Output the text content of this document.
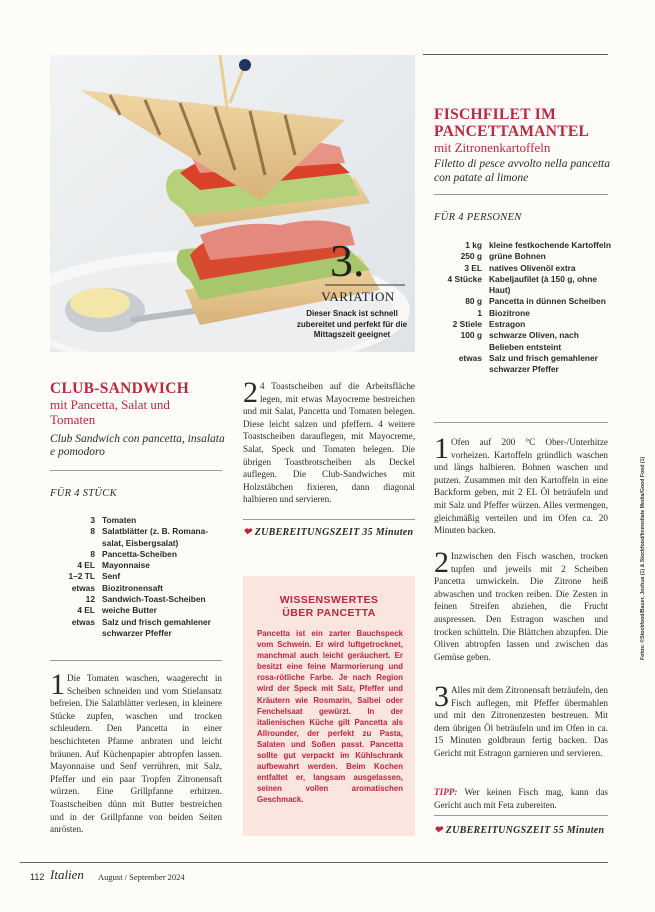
3.
VARIATION
Dieser Snack ist schnell zubereitet und perfekt für die Mittagszeit geeignet
FISCHFILET IM PANCETTAMANTEL
mit Zitronenkartoffeln
Filetto di pesce avvolto nella pancetta con patate al limone
FÜR 4 PERSONEN
1 kg kleine festkochende Kartoffeln
250 g grüne Bohnen
3 EL natives Olivenöl extra
4 Stücke Kabeljaufilet (à 150 g, ohne Haut)
80 g Pancetta in dünnen Scheiben
1 Biozitrone
2 Stiele Estragon
100 g schwarze Oliven, nach Belieben entsteint
etwas Salz und frisch gemahlener schwarzer Pfeffer
1 Ofen auf 200 °C Ober-/Unterhitze vorheizen. Kartoffeln gründlich waschen und längs halbieren. Bohnen waschen und putzen. Zusammen mit den Kartoffeln in eine Backform geben, mit 2 EL Öl beträufeln und mit Salz und Pfeffer würzen. Alles vermengen, gleichmäßig verteilen und im Ofen ca. 20 Minuten backen.
2 Inzwischen den Fisch waschen, trocken tupfen und jeweils mit 2 Scheiben Pancetta umwickeln. Die Zitrone heiß abwaschen und trocken reiben. Die Zesten in feinen Streifen abziehen, die Frucht auspressen. Den Estragon waschen und trocken schütteln. Die Blättchen abzupfen. Die Oliven abtropfen lassen und zwischen das Gemüse geben.
3 Alles mit dem Zitronensaft beträufeln, den Fisch auflegen, mit Pfeffer übermahlen und mit den Zitronenzesten bestreuen. Mit dem übrigen Öl beträufeln und im Ofen in ca. 15 Minuten goldbraun fertig backen. Das Gericht mit Estragon garnieren und servieren.
TIPP: Wer keinen Fisch mag, kann das Gericht auch mit Feta zubereiten.
❤ ZUBEREITUNGSZEIT 55 Minuten
CLUB-SANDWICH
mit Pancetta, Salat und Tomaten
Club Sandwich con pancetta, insalata e pomodoro
FÜR 4 STÜCK
3 Tomaten
8 Salatblätter (z. B. Romana-salat, Eisbergsalat)
8 Pancetta-Scheiben
4 EL Mayonnaise
1–2 TL Senf
etwas Biozitronensaft
12 Sandwich-Toast-Scheiben
4 EL weiche Butter
etwas Salz und frisch gemahlener schwarzer Pfeffer
1 Die Tomaten waschen, waagerecht in Scheiben schneiden und vom Stielansatz befreien. Die Salatblätter verlesen, in kleinere Stücke zupfen, waschen und trocken schleudern. Den Pancetta in einer beschichteten Pfanne anbraten und leicht bräunen. Auf Küchenpapier abtropfen lassen. Mayonnaise und Senf verrühren, mit Salz, Pfeffer und ein paar Tropfen Zitronensaft würzen. Eine Grillpfanne erhitzen. Toastscheiben dünn mit Butter bestreichen und in der Grillpfanne von beiden Seiten anrösten.
2 4 Toastscheiben auf die Arbeitsfläche legen, mit etwas Mayocreme bestreichen und mit Salat, Pancetta und Tomaten belegen. Diese leicht salzen und pfeffern. 4 weitere Toastscheiben darauflegen, mit Mayocreme, Salat, Speck und Tomaten belegen. Die übrigen Toastbrotscheiben als Deckel auflegen. Die Club-Sandwiches mit Holzstäbchen fixieren, dann diagonal halbieren und servieren.
❤ ZUBEREITUNGSZEIT 35 Minuten
WISSENSWERTES ÜBER PANCETTA
Pancetta ist ein zarter Bauchspeck vom Schwein. Er wird luftgetrocknet, manchmal auch leicht geräuchert. Er besitzt eine feine Marmorierung und rosa-rötliche Farbe. Je nach Region wird der Speck mit Salz, Pfeffer und Kräutern wie Rosmarin, Salbei oder Fenchelsaat gewürzt. In der italienischen Küche gilt Pancetta als Allrounder, der perfekt zu Pasta, Salaten und Soßen passt. Pancetta sollte gut verpackt im Kühlschrank aufbewahrt werden. Beim Kochen entfaltet er, langsam ausgelassen, seinen vollen aromatischen Geschmack.
Fotos: ©Stockfood/Bauer, Joshua (1) & Stockfood/Immediate Media/Good Food (1)
112 Italien August / September 2024
